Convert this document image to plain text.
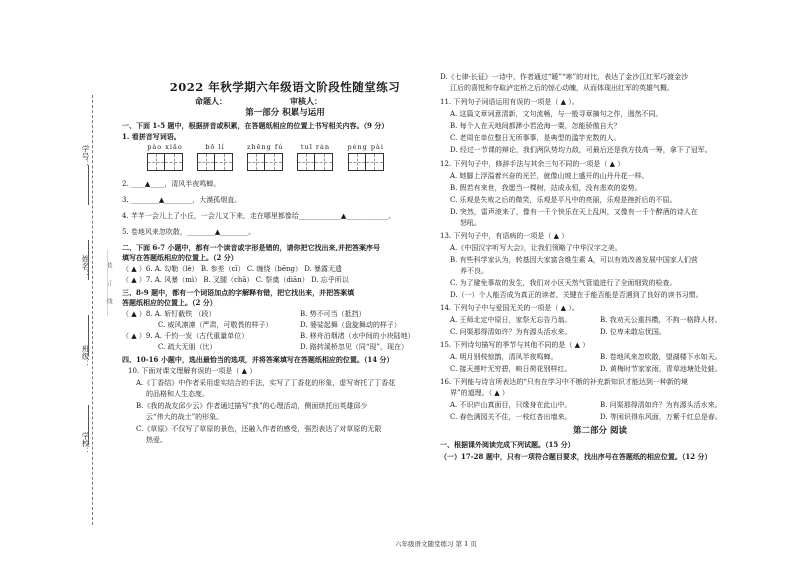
学号：
姓名：
班级：
学校：
……装……订……线……
2022 年秋学期六年级语文阶段性随堂练习
命题人：	审核人：
第一部分 积累与运用
一、下面 1-5 题中，根据拼音或积累，在答题纸相应的位置上书写相关内容。（9 分）
1. 看拼音写词语。
pào xiāo	bō lí	zhēng fú	tuī rán	péng pài
2. ____▲____，清风半夜鸣蝉。
3. ________▲________，大漠孤烟直。
4. 芊芊一会儿上了小丘，一会儿又下来，走在哪里都像给____________▲____________。
5. 卷地风来忽吹散，________▲________。
二、下面 6-7 小题中，都有一个读音或字形是错的，请你把它找出来,并把答案序号
填写在答题纸相应的位置上。（2 分）
（ ▲ ）6. A. 勾勒（lè） B. 参差（cī） C. 缠绕（bēng） D. 暴露无遗
（ ▲ ）7. A. 风暴（mì） B. 叉腿（chā） C. 祭奠（diān） D. 忘乎所以
三、8-9 题中，都有一个词语加点的字解释有错，把它找出来，并把答案填
答题纸相应的位置上。（2 分）
（ ▲ ）8. A. 斩钉截铁 （段）	B. 势不可当（抵挡）
C. 威风凛凛（严肃，可敬畏的样子）	D. 婆娑起舞（盘旋舞动的样子）
（ ▲ ）9. A. 千钧一发（古代重量单位）	B. 移舟泊烟渚（水中间的小块陆地）
C. 疏大无朋（比）	D. 路转溪桥忽见（同“现”，现在）
四、10-16 小题中，选出最恰当的选项，并将答案填写在答题纸相应的位置。（14 分）
10. 下面对课文理解有误的一项是（ ▲ ）
A.《丁香结》中作者采用虚实结合的手法，实写了丁香花的形象，虚写寄托了丁香花
的品格和人生态度。
B.《我的战友邱少云》作者通过描写“我”的心理活动，侧面烘托出英雄邱少
云“伟大的战士”的形象。
C.《草原》不仅写了草原的景色，还融入作者的感受，强烈表达了对草原的无限
热爱。
D.《七律·长征》一诗中，作者通过“暖”“寒”的对比，表达了金沙江红军巧渡金沙
江后的喜悦和夺取泸定桥之后的惊心动魄，从而体现出红军的英雄气概。
11. 下列句子词语运用有误的一项是（ ▲ ）。
A. 这篇文章词意清新，文句流畅，与一般寻章摘句之作，迥然不同。
B. 每个人在天地间都渺小若沧海一粟，怎能骄傲自大？
C. 老周在单位整日无所事事，是典型的滥竽充数的人。
D. 经过一节课的辩论，我们两队势均力敌，可最后还是我方技高一筹，拿下了冠军。
12. 下列句子中，修辞手法与其余三句不同的一项是（ ▲ ）
A. 她脚上浮溢着兴奋的光芒，就像山坡上盛开的山丹丹花一样。
B. 假若有来世，我愿当一棵树，站成永恒，没有悲欢的姿势。
C. 乐观是失败之后的微笑，乐观是平凡中的亮丽，乐观是挫折后的不屈。
D. 突然，雷声滚来了，像有一千个快乐在天上乱叫，又像有一千个醉酒的诗人在
怒吼。
13. 下列句子中，有语病的一项是（ ▲ ）
A.《中国汉字听写大会》，让我们领略了中华汉字之美。
B. 有些科学家认为，转基因大家富含维生素 A，可以有效改善发展中国家人们营
养不良。
C. 为了避免事故的发生，我们对小区天然气管道进行了全面细致的检查。
D.（一）个人能否成为真正的读者，关键在于能否能是否遇到了良好的读书习惯。
14. 下列句子中与爱国无关的一项是（ ▲ ）。
A. 王师北定中原日，家祭无忘告乃翁。	B. 我劝天公重抖擞，不拘一格降人材。
C. 问渠那得清如许？为有源头活水来。	D. 位卑未敢忘忧国。
15. 下列诗句描写的季节与其他不同的是（ ▲ ）
A. 明月别枝惊鹊，清风半夜鸣蝉。	B. 卷地风来忽吹散，望湖楼下水如天。
C. 接天莲叶无穷碧，映日荷花别样红。	D. 黄梅时节家家雨，青草池塘处处蛙。
16. 下列能与诗言所表达的“只有在学习中不断的补充新知识才能达到一种新的境
界”的道理。（ ▲ ）
A. 不识庐山真面目，只缘身在此山中。	B. 问渠那得清如许？为有源头活水来。
C. 春色满园关不住，一枝红杏出墙来。	D. 等闲识得东风面，万紫千红总是春。
第二部分 阅读
一、根据课外阅读完成下列试题。（15 分）
（一）17-28 题中，只有一项符合题目要求，找出序号在答题纸的相应位置。（12 分）
六年级语文随堂练习 第 1 页
